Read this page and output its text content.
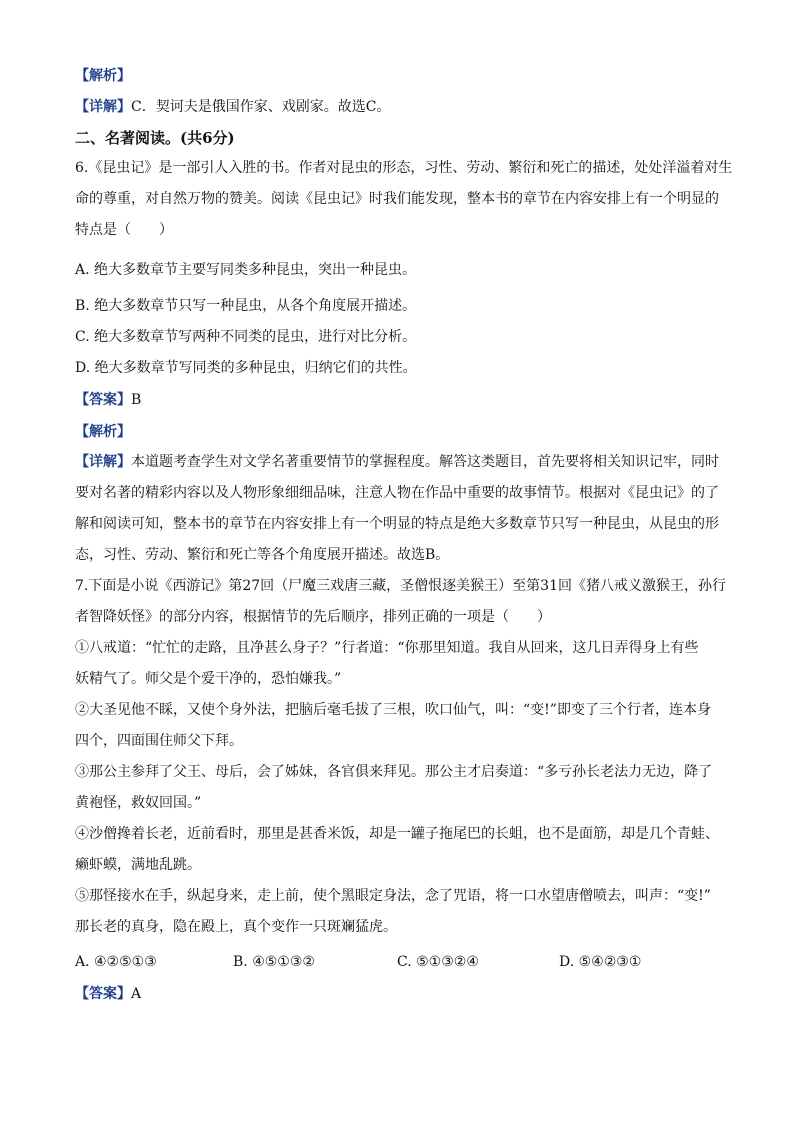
【解析】
【详解】C．契诃夫是俄国作家、戏剧家。故选C。
二、名著阅读。(共6分)
6.《昆虫记》是一部引人入胜的书。作者对昆虫的形态，习性、劳动、繁衍和死亡的描述，处处洋溢着对生
命的尊重，对自然万物的赞美。阅读《昆虫记》时我们能发现，整本书的章节在内容安排上有一个明显的
特点是（　　）
A. 绝大多数章节主要写同类多种昆虫，突出一种昆虫。
B. 绝大多数章节只写一种昆虫，从各个角度展开描述。
C. 绝大多数章节写两种不同类的昆虫，进行对比分析。
D. 绝大多数章节写同类的多种昆虫，归纳它们的共性。
【答案】B
【解析】
【详解】本道题考查学生对文学名著重要情节的掌握程度。解答这类题目，首先要将相关知识记牢，同时
要对名著的精彩内容以及人物形象细细品味，注意人物在作品中重要的故事情节。根据对《昆虫记》的了
解和阅读可知，整本书的章节在内容安排上有一个明显的特点是绝大多数章节只写一种昆虫，从昆虫的形
态，习性、劳动、繁衍和死亡等各个角度展开描述。故选B。
7.下面是小说《西游记》第27回（尸魔三戏唐三藏，圣僧恨逐美猴王）至第31回《猪八戒义激猴王，孙行
者智降妖怪》的部分内容，根据情节的先后顺序，排列正确的一项是（　　）
①八戒道：“忙忙的走路，且净甚么身子？”行者道：“你那里知道。我自从回来，这几日弄得身上有些
妖精气了。师父是个爱干净的，恐怕嫌我。”
②大圣见他不睬，又使个身外法，把脑后毫毛拔了三根，吹口仙气，叫：“变!”即变了三个行者，连本身
四个，四面围住师父下拜。
③那公主参拜了父王、母后，会了姊妹，各官俱来拜见。那公主才启奏道：“多亏孙长老法力无边，降了
黄袍怪，救奴回国。”
④沙僧搀着长老，近前看时，那里是甚香米饭，却是一罐子拖尾巴的长蛆，也不是面筋，却是几个青蛙、
癞虾蟆，满地乱跳。
⑤那怪接水在手，纵起身来，走上前，使个黑眼定身法，念了咒语，将一口水望唐僧喷去，叫声：“变!”
那长老的真身，隐在殿上，真个变作一只斑斓猛虎。
A. ④②⑤①③	B. ④⑤①③②	C. ⑤①③②④	D. ⑤④②③①
【答案】A
